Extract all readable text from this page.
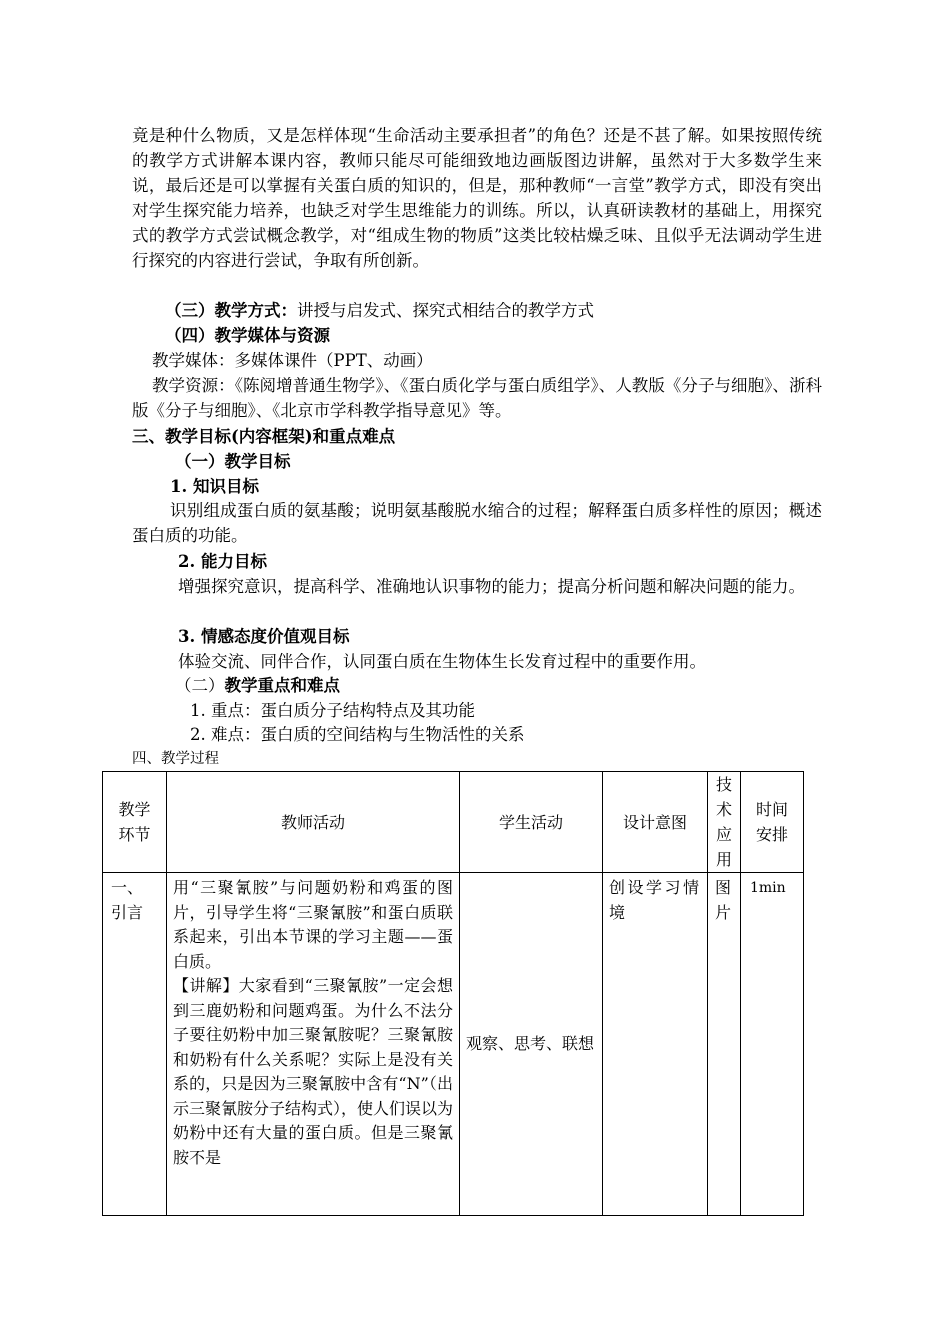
竟是种什么物质，又是怎样体现“生命活动主要承担者”的角色？还是不甚了解。如果按照传统的教学方式讲解本课内容，教师只能尽可能细致地边画版图边讲解，虽然对于大多数学生来说，最后还是可以掌握有关蛋白质的知识的，但是，那种教师“一言堂”教学方式，即没有突出对学生探究能力培养，也缺乏对学生思维能力的训练。所以，认真研读教材的基础上，用探究式的教学方式尝试概念教学，对“组成生物的物质”这类比较枯燥乏味、且似乎无法调动学生进行探究的内容进行尝试，争取有所创新。

（三）教学方式：讲授与启发式、探究式相结合的教学方式

（四）教学媒体与资源

教学媒体：多媒体课件（PPT、动画）

教学资源：《陈阅增普通生物学》、《蛋白质化学与蛋白质组学》、人教版《分子与细胞》、浙科版《分子与细胞》、《北京市学科教学指导意见》等。

三、教学目标(内容框架)和重点难点

（一）教学目标

1. 知识目标

识别组成蛋白质的氨基酸；说明氨基酸脱水缩合的过程；解释蛋白质多样性的原因；概述蛋白质的功能。

2. 能力目标

增强探究意识，提高科学、准确地认识事物的能力；提高分析问题和解决问题的能力。

3. 情感态度价值观目标

体验交流、同伴合作，认同蛋白质在生物体生长发育过程中的重要作用。

（二）教学重点和难点

1. 重点：蛋白质分子结构特点及其功能

2. 难点：蛋白质的空间结构与生物活性的关系

四、教学过程

教学环节	教师活动	学生活动	设计意图	技术应用	时间安排

一、引言	用“三聚氰胺”与问题奶粉和鸡蛋的图片，引导学生将“三聚氰胺”和蛋白质联系起来，引出本节课的学习主题——蛋白质。
【讲解】大家看到“三聚氰胺”一定会想到三鹿奶粉和问题鸡蛋。为什么不法分子要往奶粉中加三聚氰胺呢？三聚氰胺和奶粉有什么关系呢？实际上是没有关系的，只是因为三聚氰胺中含有“N”（出示三聚氰胺分子结构式），使人们误以为奶粉中还有大量的蛋白质。但是三聚氰胺不是	观察、思考、联想	创设学习情境	图片	1min
